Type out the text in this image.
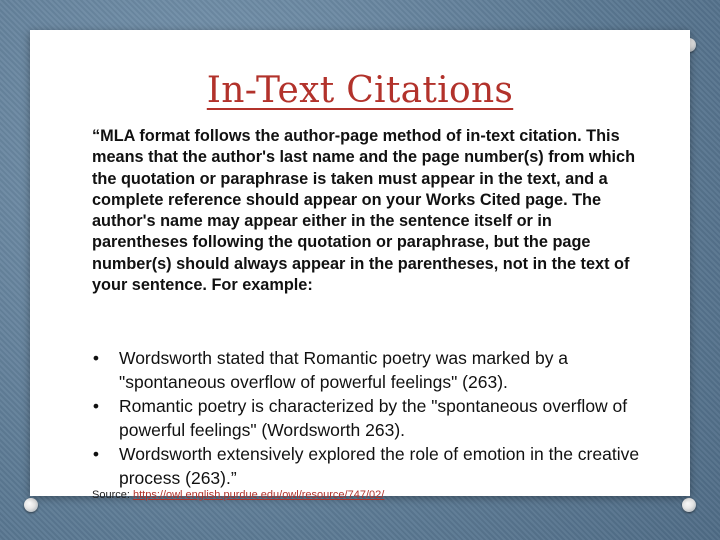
In-Text Citations
“MLA format follows the author-page method of in-text citation. This means that the author's last name and the page number(s) from which the quotation or paraphrase is taken must appear in the text, and a complete reference should appear on your Works Cited page. The author's name may appear either in the sentence itself or in parentheses following the quotation or paraphrase, but the page number(s) should always appear in the parentheses, not in the text of your sentence. For example:
• Wordsworth stated that Romantic poetry was marked by a "spontaneous overflow of powerful feelings" (263).
• Romantic poetry is characterized by the "spontaneous overflow of powerful feelings" (Wordsworth 263).
• Wordsworth extensively explored the role of emotion in the creative process (263).”
Source: https://owl.english.purdue.edu/owl/resource/747/02/
